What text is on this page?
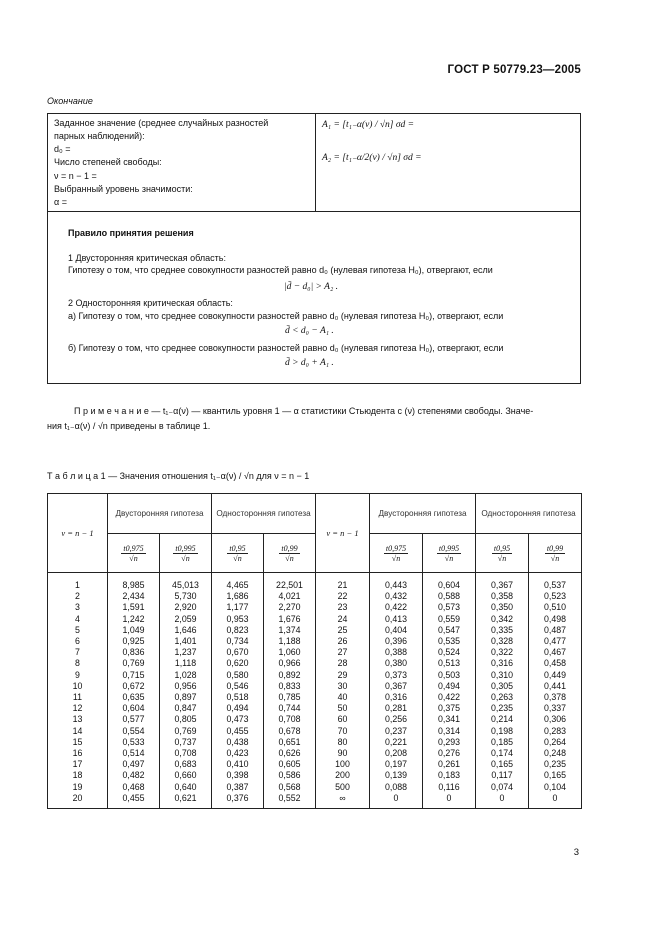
ГОСТ Р 50779.23—2005
Окончание
Заданное значение (среднее случайных разностей
парных наблюдений):
d₀ =
Число степеней свободы:
ν = n − 1 =
Выбранный уровень значимости:
α =
A₁ = [t₁₋α(ν) / √n] σd =
A₂ = [t₁₋α/2(ν) / √n] σd =
Правило принятия решения
1 Двусторонняя критическая область:
Гипотезу о том, что среднее совокупности разностей равно d₀ (нулевая гипотеза H₀), отвергают, если
|d̄ − d₀| > A₂ .
2 Односторонняя критическая область:
а) Гипотезу о том, что среднее совокупности разностей равно d₀ (нулевая гипотеза H₀), отвергают, если
d̄ < d₀ − A₁ .
б) Гипотезу о том, что среднее совокупности разностей равно d₀ (нулевая гипотеза H₀), отвергают, если
d̄ > d₀ + A₁ .
П р и м е ч а н и е — t₁₋α(ν) — квантиль уровня 1 — α статистики Стьюдента с (ν) степенями свободы. Значе-
ния t₁₋α(ν) / √n приведены в таблице 1.
Т а б л и ц а 1 — Значения отношения t₁₋α(ν) / √n для ν = n − 1
ν = n − 1	Двусторонняя гипотеза		Односторонняя гипотеза		ν = n − 1	Двусторонняя гипотеза		Односторонняя гипотеза	

	$\frac{t0,975}{√n}$	$\frac{t0,995}{√n}$	$\frac{t0,95}{√n}$	$\frac{t0,99}{√n}$		$\frac{t0,975}{√n}$	$\frac{t0,995}{√n}$	$\frac{t0,95}{√n}$	$\frac{t0,99}{√n}$

1	8,985	45,013	4,465	22,501	21	0,443	0,604	0,367	0,537
2	2,434	5,730	1,686	4,021	22	0,432	0,588	0,358	0,523
3	1,591	2,920	1,177	2,270	23	0,422	0,573	0,350	0,510
4	1,242	2,059	0,953	1,676	24	0,413	0,559	0,342	0,498
5	1,049	1,646	0,823	1,374	25	0,404	0,547	0,335	0,487
6	0,925	1,401	0,734	1,188	26	0,396	0,535	0,328	0,477
7	0,836	1,237	0,670	1,060	27	0,388	0,524	0,322	0,467
8	0,769	1,118	0,620	0,966	28	0,380	0,513	0,316	0,458
9	0,715	1,028	0,580	0,892	29	0,373	0,503	0,310	0,449
10	0,672	0,956	0,546	0,833	30	0,367	0,494	0,305	0,441
11	0,635	0,897	0,518	0,785	40	0,316	0,422	0,263	0,378
12	0,604	0,847	0,494	0,744	50	0,281	0,375	0,235	0,337
13	0,577	0,805	0,473	0,708	60	0,256	0,341	0,214	0,306
14	0,554	0,769	0,455	0,678	70	0,237	0,314	0,198	0,283
15	0,533	0,737	0,438	0,651	80	0,221	0,293	0,185	0,264
16	0,514	0,708	0,423	0,626	90	0,208	0,276	0,174	0,248
17	0,497	0,683	0,410	0,605	100	0,197	0,261	0,165	0,235
18	0,482	0,660	0,398	0,586	200	0,139	0,183	0,117	0,165
19	0,468	0,640	0,387	0,568	500	0,088	0,116	0,074	0,104
20	0,455	0,621	0,376	0,552	∞	0	0	0	0
3
